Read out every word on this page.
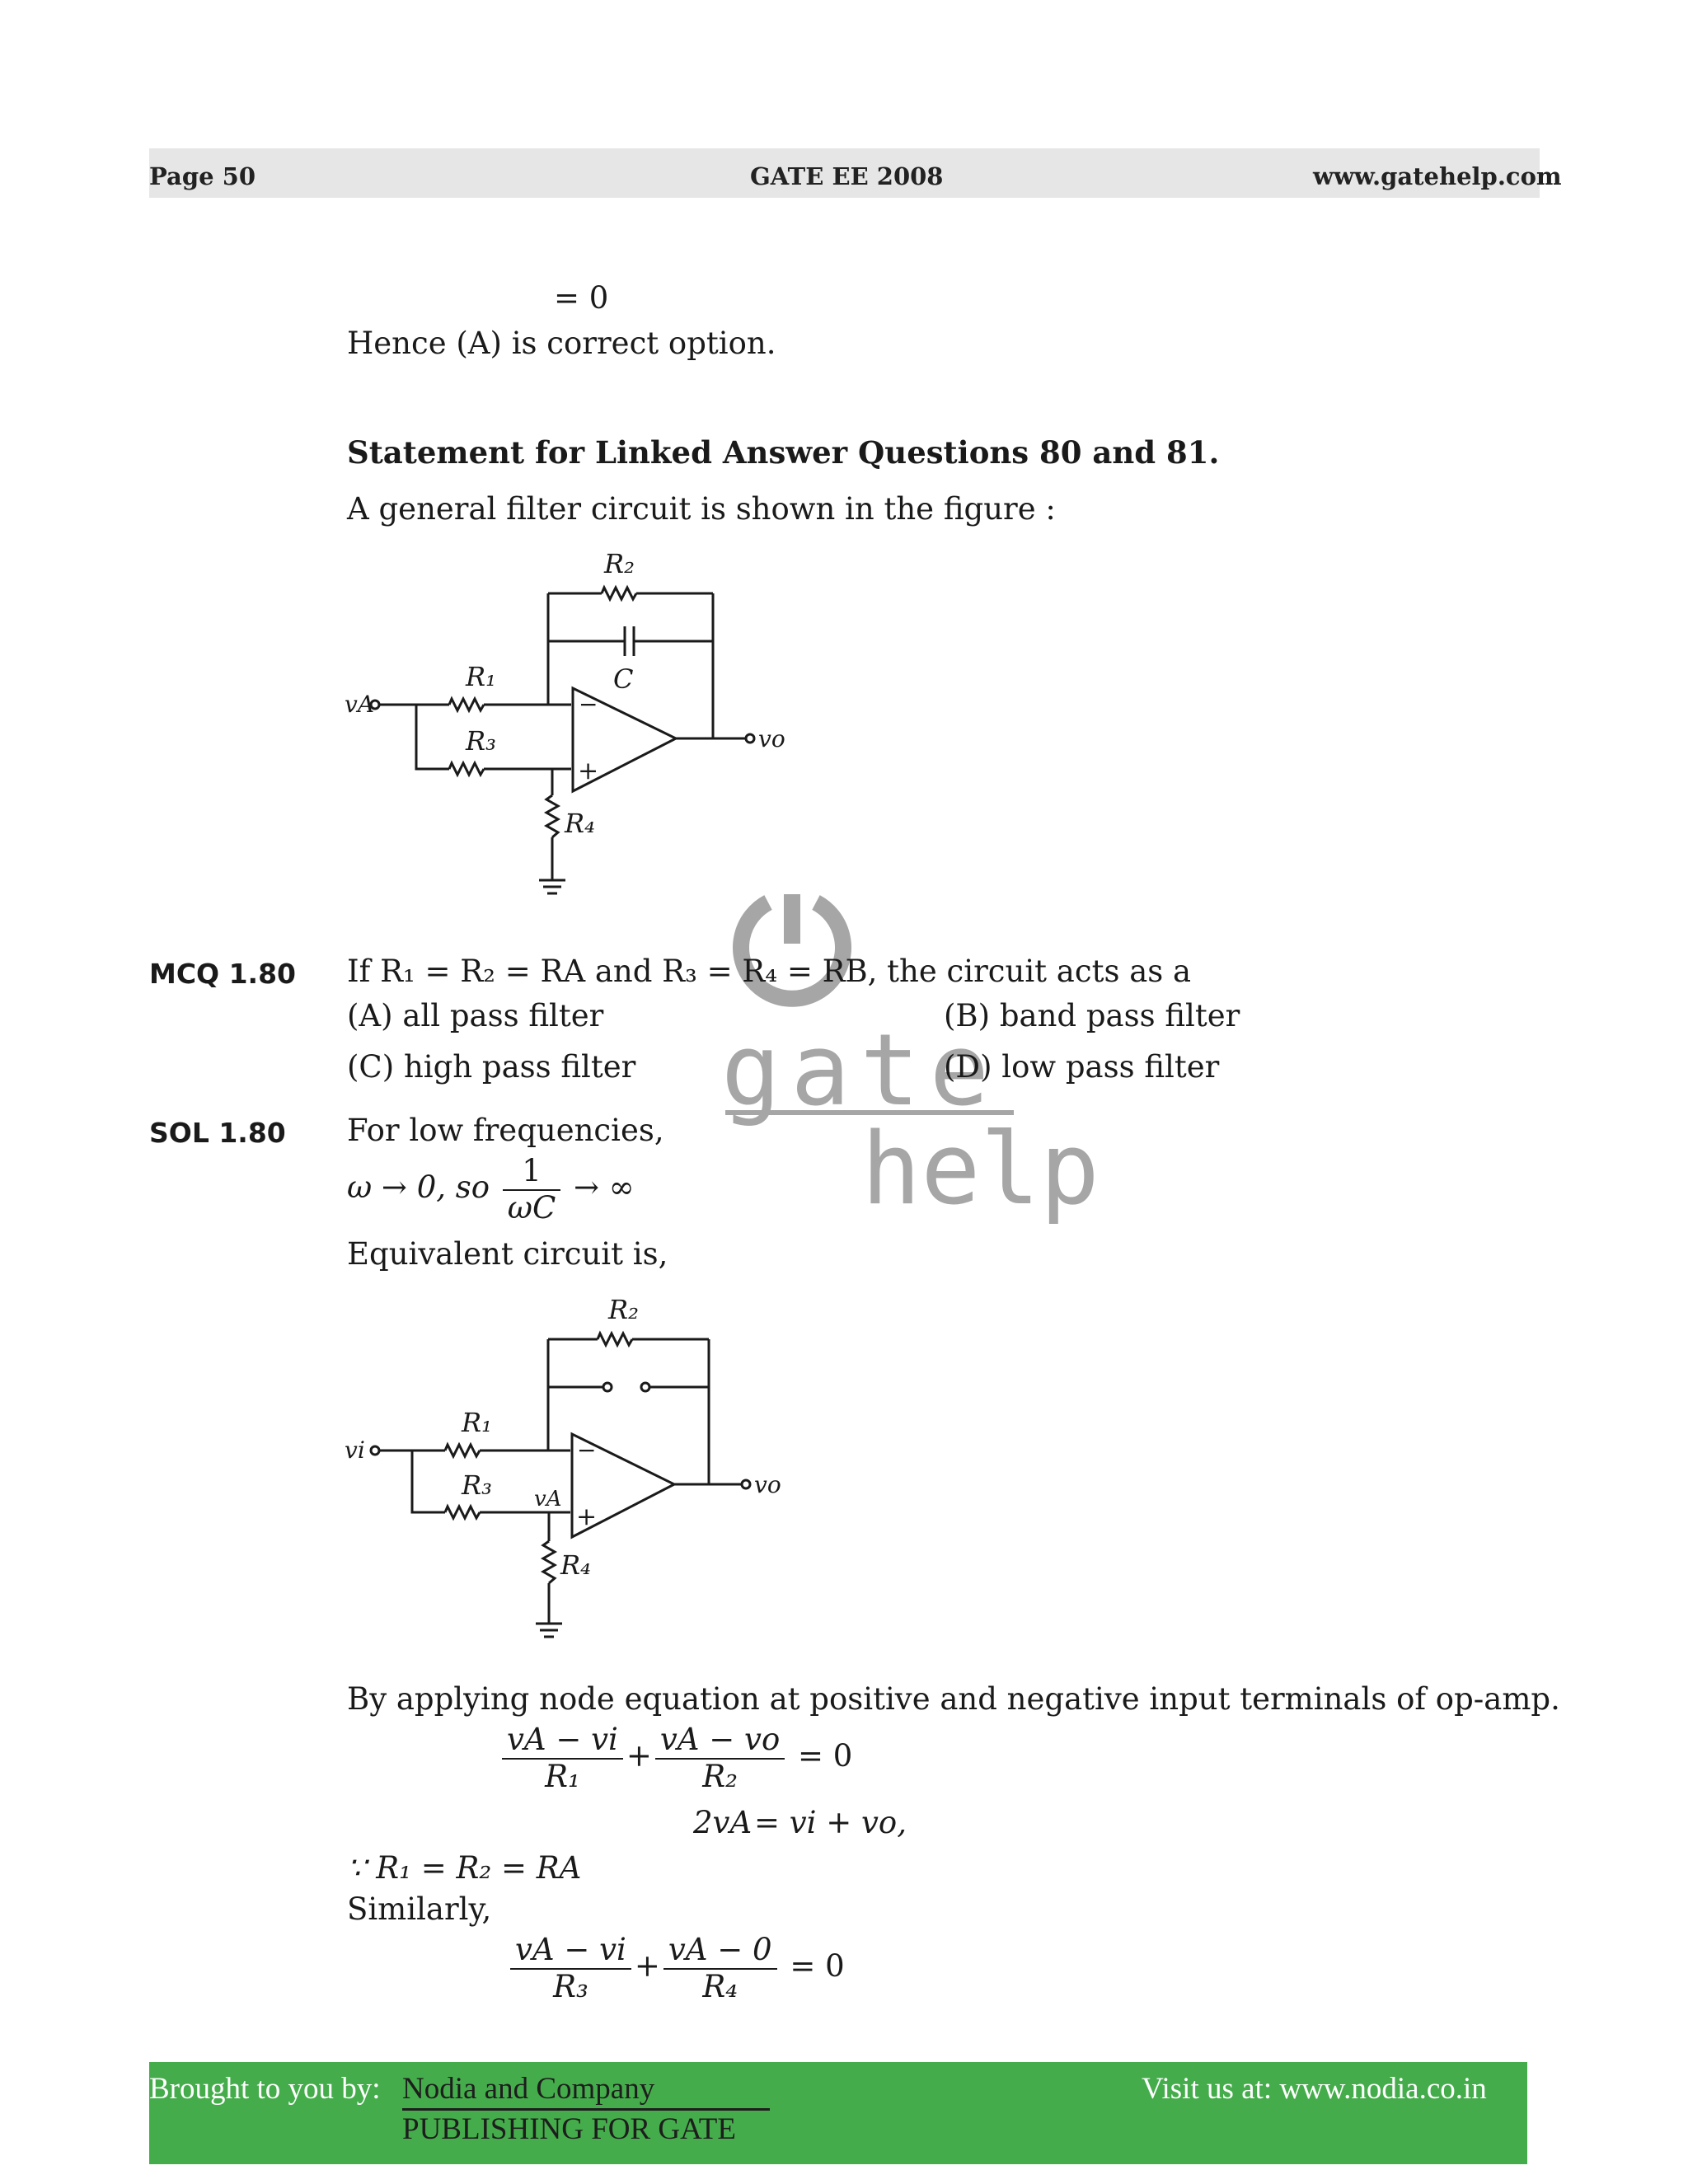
Page 50	GATE EE 2008	www.gatehelp.com
= 0
Hence (A) is correct option.
Statement for Linked Answer Questions 80 and 81.
A general filter circuit is shown in the figure :
R₂
C
R₁
R₃
R₄
vA
vo
−
+
gate
help
MCQ 1.80 If R₁ = R₂ = RA and R₃ = R₄ = RB, the circuit acts as a
(A) all pass filter	(B) band pass filter
(C) high pass filter	(D) low pass filter
SOL 1.80 For low frequencies,
ω → 0, so $\frac{1}{\omega C}$ → ∞
Equivalent circuit is,
R₂
R₁
R₃
R₄
vi
vo
vA
−
+
By applying node equation at positive and negative input terminals of op-amp.
$\frac{vA - vi}{\text{R₁}} + \frac{vA - vo}{\text{R₂}} = 0$
2vA = vi + vo,
∵ R₁ = R₂ = RA
Similarly,
$\frac{vA - vi}{\text{R₃}} + \frac{vA - 0}{\text{R₄}} = 0$
Brought to you by: Nodia and Company
PUBLISHING FOR GATE
Visit us at: www.nodia.co.in
